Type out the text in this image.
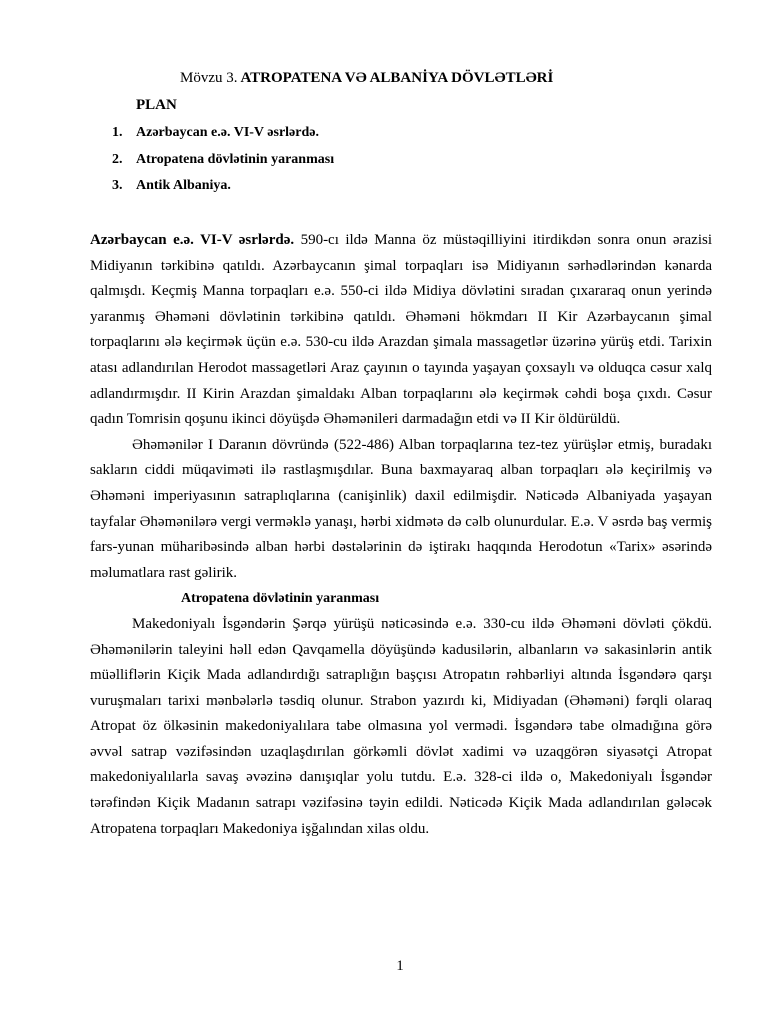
Mövzu 3. ATROPATENA VƏ ALBANİYA DÖVLƏTLƏRİ
PLAN
1. Azərbaycan e.ə. VI-V əsrlərdə.
2. Atropatena dövlətinin yaranması
3. Antik Albaniya.

Azərbaycan e.ə. VI-V əsrlərdə. 590-cı ildə Manna öz müstəqilliyini itirdikdən sonra onun ərazisi Midiyanın tərkibinə qatıldı. Azərbaycanın şimal torpaqları isə Midiyanın sərhədlərindən kənarda qalmışdı. Keçmiş Manna torpaqları e.ə. 550-ci ildə Midiya dövlətini sıradan çıxararaq onun yerində yaranmış Əhəməni dövlətinin tərkibinə qatıldı. Əhəməni hökmdarı II Kir Azərbaycanın şimal torpaqlarını ələ keçirmək üçün e.ə. 530-cu ildə Arazdan şimala massagetlər üzərinə yürüş etdi. Tarixin atası adlandırılan Herodot massagetləri Araz çayının o tayında yaşayan çoxsaylı və olduqca cəsur xalq adlandırmışdır. II Kirin Arazdan şimaldakı Alban torpaqlarını ələ keçirmək cəhdi boşa çıxdı. Cəsur qadın Tomrisin qoşunu ikinci döyüşdə Əhəmənileri darmadağın etdi və II Kir öldürüldü.

Əhəmənilər I Daranın dövründə (522-486) Alban torpaqlarına tez-tez yürüşlər etmiş, buradakı sakların ciddi müqaviməti ilə rastlaşmışdılar. Buna baxmayaraq alban torpaqları ələ keçirilmiş və Əhəməni imperiyasının satraplıqlarına (canişinlik) daxil edilmişdir. Nəticədə Albaniyada yaşayan tayfalar Əhəmənilərə vergi verməklə yanaşı, hərbi xidmətə də cəlb olunurdular. E.ə. V əsrdə baş vermiş fars-yunan müharibəsində alban hərbi dəstələrinin də iştirakı haqqında Herodotun «Tarix» əsərində məlumatlara rast gəlirik.

Atropatena dövlətinin yaranması

Makedoniyalı İsgəndərin Şərqə yürüşü nəticəsində e.ə. 330-cu ildə Əhəməni dövləti çökdü. Əhəmənilərin taleyini həll edən Qavqamella döyüşündə kadusilərin, albanların və sakasinlərin antik müəlliflərin Kiçik Mada adlandırdığı satraplığın başçısı Atropatın rəhbərliyi altında İsgəndərə qarşı vuruşmaları tarixi mənbələrlə təsdiq olunur. Strabon yazırdı ki, Midiyadan (Əhəməni) fərqli olaraq Atropat öz ölkəsinin makedoniyalılara tabe olmasına yol vermədi. İsgəndərə tabe olmadığına görə əvvəl satrap vəzifəsindən uzaqlaşdırılan görkəmli dövlət xadimi və uzaqgörən siyasətçi Atropat makedoniyalılarla savaş əvəzinə danışıqlar yolu tutdu. E.ə. 328-ci ildə o, Makedoniyalı İsgəndər tərəfindən Kiçik Madanın satrapı vəzifəsinə təyin edildi. Nəticədə Kiçik Mada adlandırılan gələcək Atropatena torpaqları Makedoniya işğalından xilas oldu.

1
